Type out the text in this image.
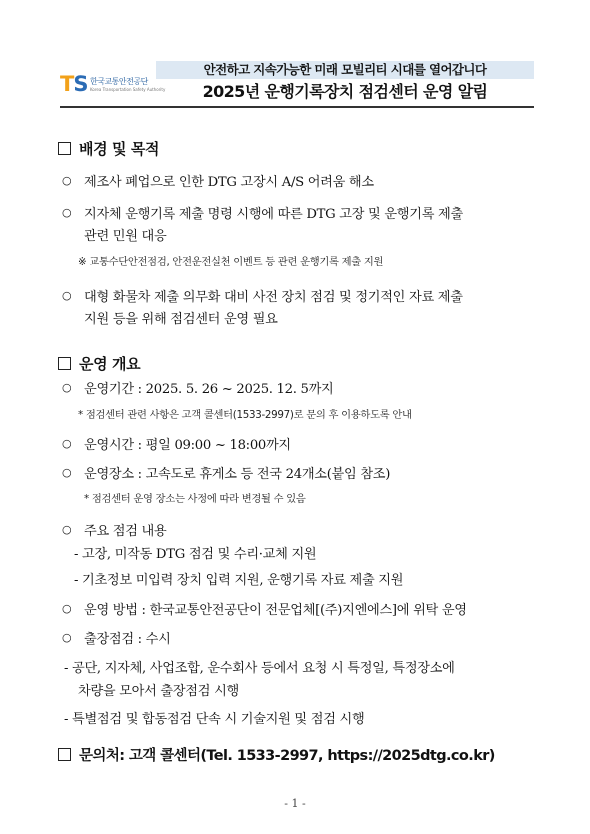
TS 한국교통안전공단
Korea Transportation Safety Authority
안전하고 지속가능한 미래 모빌리티 시대를 열어갑니다
2025년 운행기록장치 점검센터 운영 알림
배경 및 목적
○ 제조사 폐업으로 인한 DTG 고장시 A/S 어려움 해소
○ 지자체 운행기록 제출 명령 시행에 따른 DTG 고장 및 운행기록 제출
관련 민원 대응
※ 교통수단안전점검, 안전운전실천 이벤트 등 관련 운행기록 제출 지원
○ 대형 화물차 제출 의무화 대비 사전 장치 점검 및 정기적인 자료 제출
지원 등을 위해 점검센터 운영 필요
운영 개요
○ 운영기간 : 2025. 5. 26 ~ 2025. 12. 5까지
* 점검센터 관련 사항은 고객 콜센터(1533-2997)로 문의 후 이용하도록 안내
○ 운영시간 : 평일 09:00 ~ 18:00까지
○ 운영장소 : 고속도로 휴게소 등 전국 24개소(붙임 참조)
* 점검센터 운영 장소는 사정에 따라 변경될 수 있음
○ 주요 점검 내용
- 고장, 미작동 DTG 점검 및 수리·교체 지원
- 기초정보 미입력 장치 입력 지원, 운행기록 자료 제출 지원
○ 운영 방법 : 한국교통안전공단이 전문업체[(주)지엔에스]에 위탁 운영
○ 출장점검 : 수시
- 공단, 지자체, 사업조합, 운수회사 등에서 요청 시 특정일, 특정장소에
차량을 모아서 출장점검 시행
- 특별점검 및 합동점검 단속 시 기술지원 및 점검 시행
문의처: 고객 콜센터(Tel. 1533-2997, https://2025dtg.co.kr)
- 1 -
